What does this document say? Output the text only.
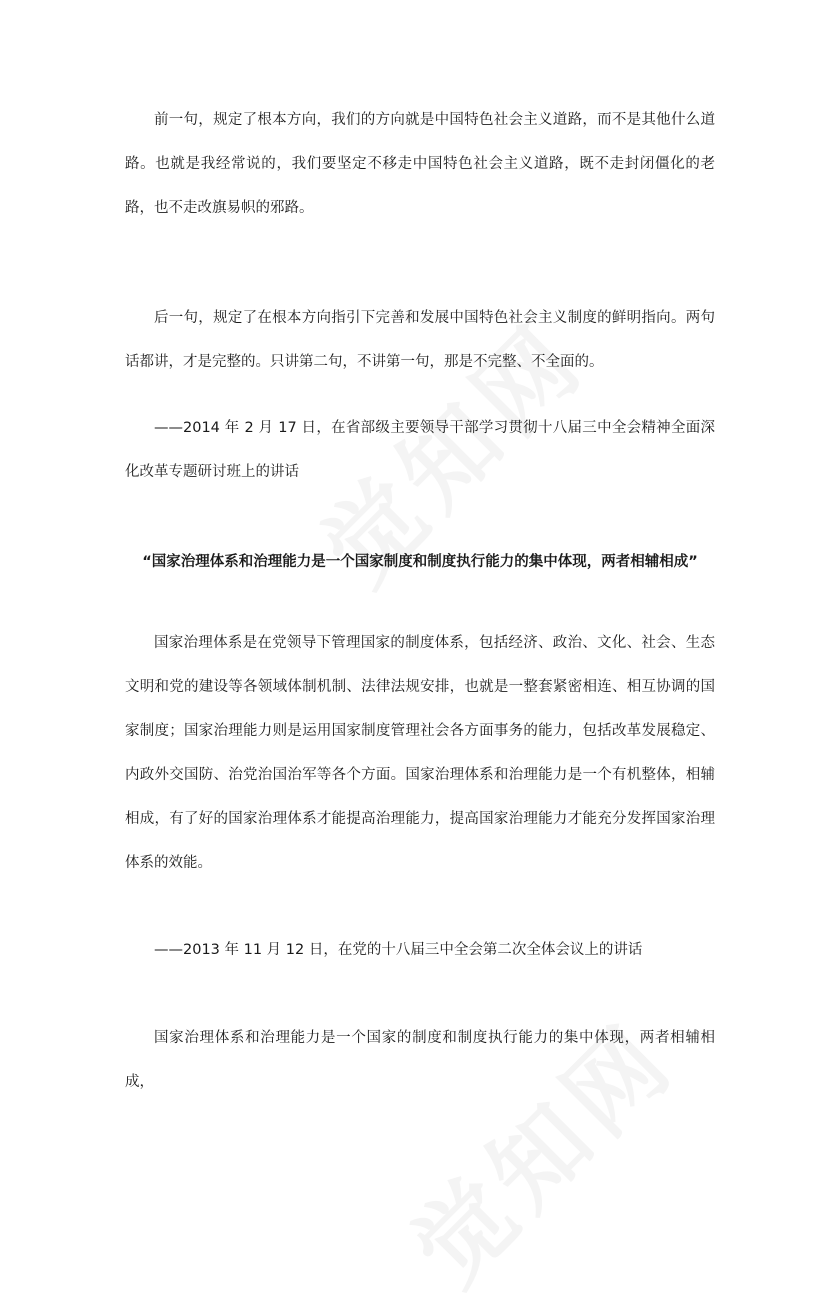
前一句，规定了根本方向，我们的方向就是中国特色社会主义道路，而不是其他什么道路。也就是我经常说的，我们要坚定不移走中国特色社会主义道路，既不走封闭僵化的老路，也不走改旗易帜的邪路。

后一句，规定了在根本方向指引下完善和发展中国特色社会主义制度的鲜明指向。两句话都讲，才是完整的。只讲第二句，不讲第一句，那是不完整、不全面的。

——2014 年 2 月 17 日，在省部级主要领导干部学习贯彻十八届三中全会精神全面深化改革专题研讨班上的讲话

“国家治理体系和治理能力是一个国家制度和制度执行能力的集中体现，两者相辅相成”

国家治理体系是在党领导下管理国家的制度体系，包括经济、政治、文化、社会、生态文明和党的建设等各领域体制机制、法律法规安排，也就是一整套紧密相连、相互协调的国家制度；国家治理能力则是运用国家制度管理社会各方面事务的能力，包括改革发展稳定、内政外交国防、治党治国治军等各个方面。国家治理体系和治理能力是一个有机整体，相辅相成，有了好的国家治理体系才能提高治理能力，提高国家治理能力才能充分发挥国家治理体系的效能。

——2013 年 11 月 12 日，在党的十八届三中全会第二次全体会议上的讲话

国家治理体系和治理能力是一个国家的制度和制度执行能力的集中体现，两者相辅相成，
